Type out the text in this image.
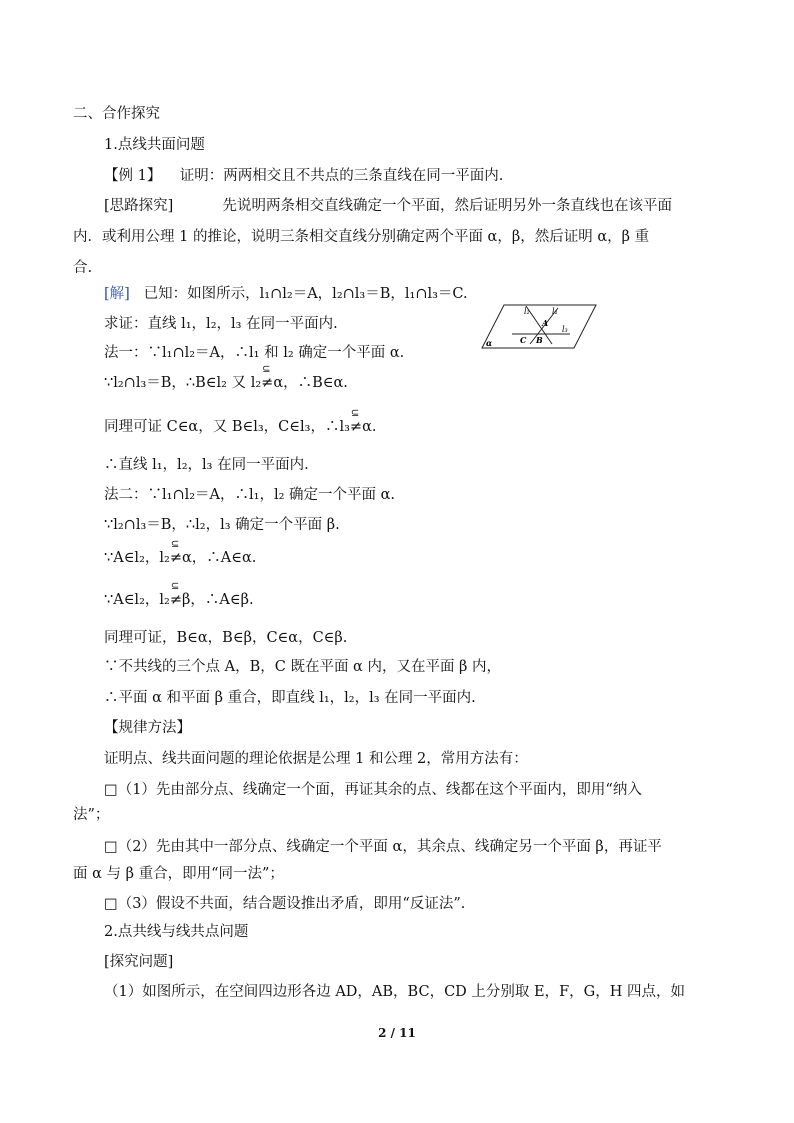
二、合作探究
1.点线共面问题
【例 1】 证明：两两相交且不共点的三条直线在同一平面内.
[思路探究]	先说明两条相交直线确定一个平面，然后证明另外一条直线也在该平面
内．或利用公理 1 的推论，说明三条相交直线分别确定两个平面 α，β，然后证明 α，β 重
合.
[解] 已知：如图所示，l₁∩l₂＝A，l₂∩l₃＝B，l₁∩l₃＝C.
l₂	l₁
A
l₃
C B
α
求证：直线 l₁，l₂，l₃ 在同一平面内.
法一：∵l₁∩l₂＝A，∴l₁ 和 l₂ 确定一个平面 α.
∵l₂∩l₃＝B，∴B∈l₂ 又 l₂
⊆
≠α，∴B∈α.
同理可证 C∈α，又 B∈l₃，C∈l₃，∴l₃
⊆
≠α.
∴直线 l₁，l₂，l₃ 在同一平面内.
法二：∵l₁∩l₂＝A，∴l₁，l₂ 确定一个平面 α.
∵l₂∩l₃＝B，∴l₂，l₃ 确定一个平面 β.
∵A∈l₂，l₂
⊆
≠α，∴A∈α.
∵A∈l₂，l₂
⊆
≠β，∴A∈β.
同理可证，B∈α，B∈β，C∈α，C∈β.
∵不共线的三个点 A，B，C 既在平面 α 内，又在平面 β 内，
∴平面 α 和平面 β 重合，即直线 l₁，l₂，l₃ 在同一平面内.
【规律方法】
证明点、线共面问题的理论依据是公理 1 和公理 2，常用方法有：
□（1）先由部分点、线确定一个面，再证其余的点、线都在这个平面内，即用“纳入
法”；
□（2）先由其中一部分点、线确定一个平面 α，其余点、线确定另一个平面 β，再证平
面 α 与 β 重合，即用“同一法”；
□（3）假设不共面，结合题设推出矛盾，即用“反证法”.
2.点共线与线共点问题
[探究问题]
（1）如图所示，在空间四边形各边 AD，AB，BC，CD 上分别取 E，F，G，H 四点，如
2 / 11
